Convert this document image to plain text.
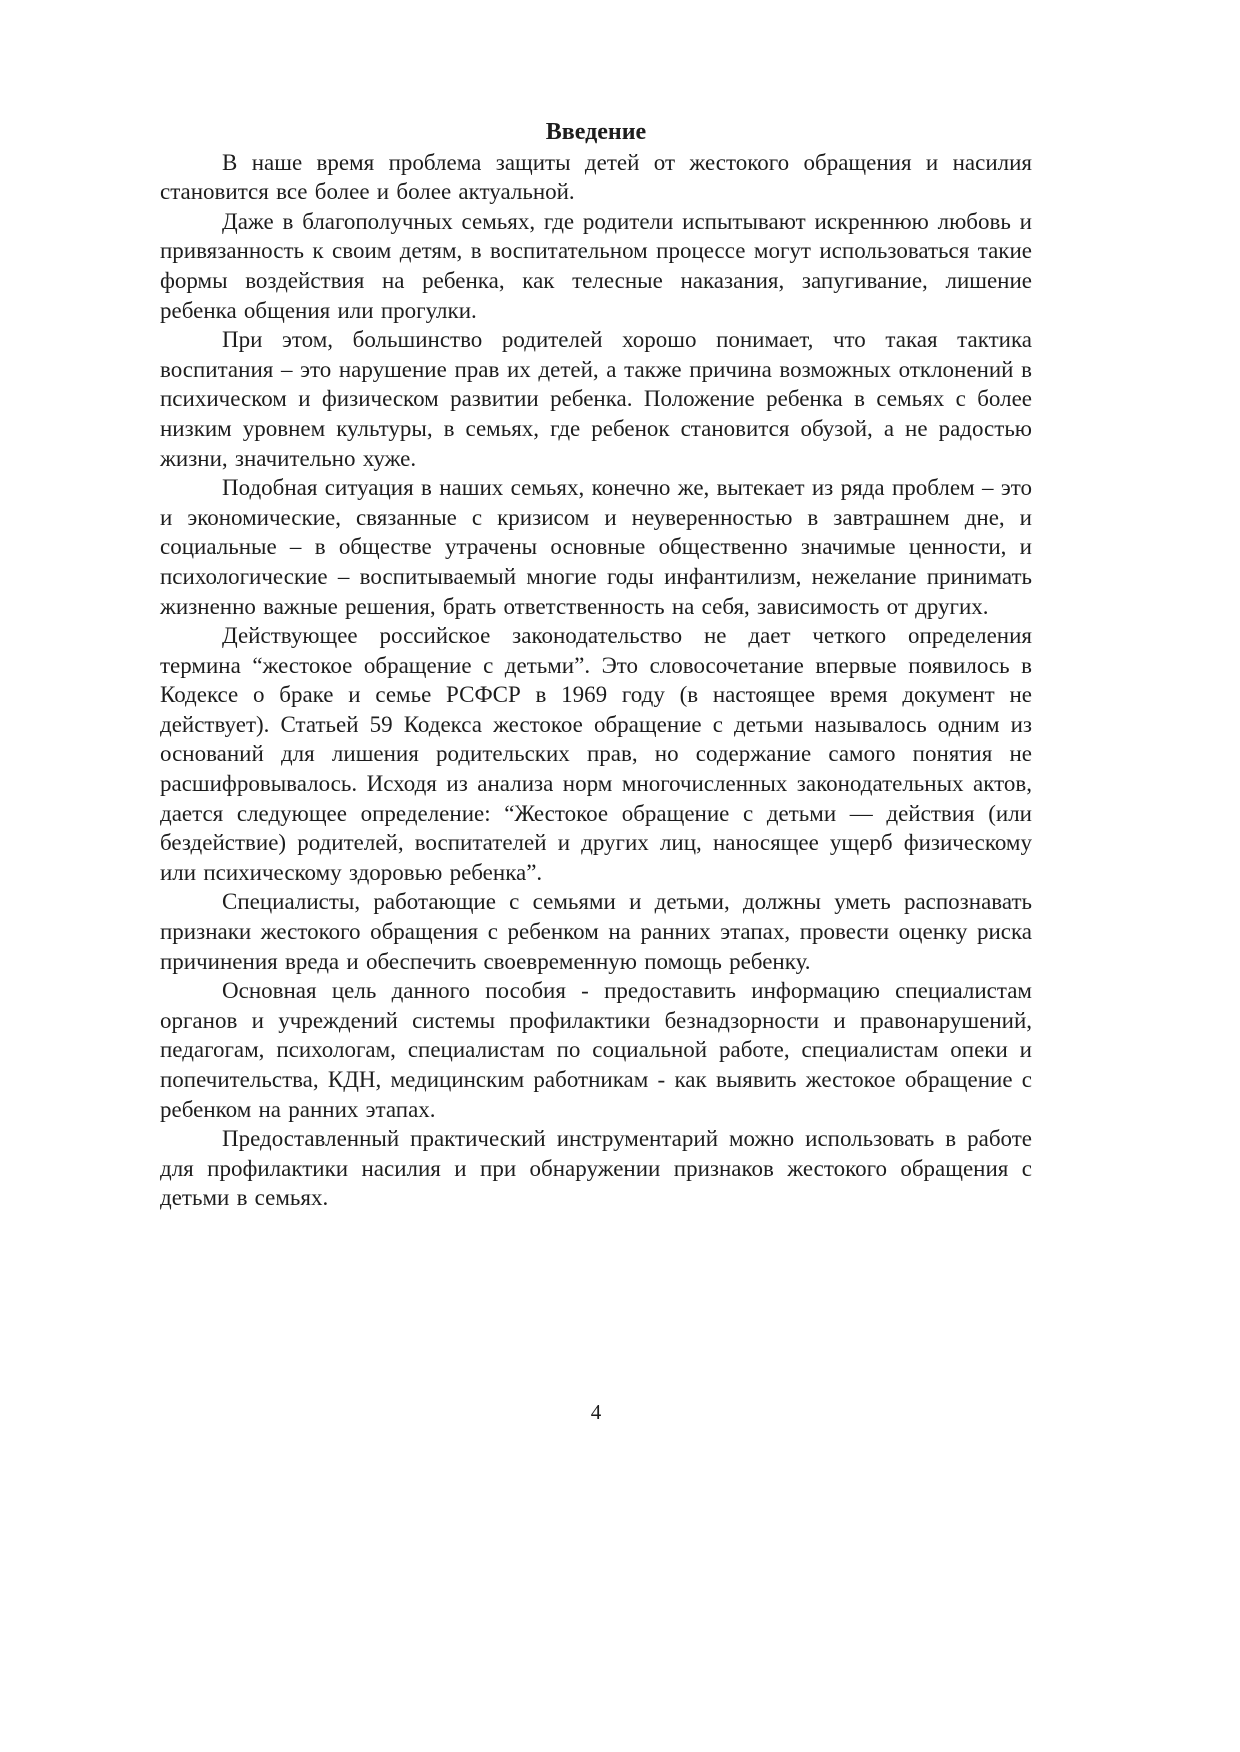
Введение

В наше время проблема защиты детей от жестокого обращения и насилия становится все более и более актуальной.

Даже в благополучных семьях, где родители испытывают искреннюю любовь и привязанность к своим детям, в воспитательном процессе могут использоваться такие формы воздействия на ребенка, как телесные наказания, запугивание, лишение ребенка общения или прогулки.

При этом, большинство родителей хорошо понимает, что такая тактика воспитания – это нарушение прав их детей, а также причина возможных отклонений в психическом и физическом развитии ребенка. Положение ребенка в семьях с более низким уровнем культуры, в семьях, где ребенок становится обузой, а не радостью жизни, значительно хуже.

Подобная ситуация в наших семьях, конечно же, вытекает из ряда проблем – это и экономические, связанные с кризисом и неуверенностью в завтрашнем дне, и социальные – в обществе утрачены основные общественно значимые ценности, и психологические – воспитываемый многие годы инфантилизм, нежелание принимать жизненно важные решения, брать ответственность на себя, зависимость от других.

Действующее российское законодательство не дает четкого определения термина “жестокое обращение с детьми”. Это словосочетание впервые появилось в Кодексе о браке и семье РСФСР в 1969 году (в настоящее время документ не действует). Статьей 59 Кодекса жестокое обращение с детьми называлось одним из оснований для лишения родительских прав, но содержание самого понятия не расшифровывалось. Исходя из анализа норм многочисленных законодательных актов, дается следующее определение: “Жестокое обращение с детьми — действия (или бездействие) родителей, воспитателей и других лиц, наносящее ущерб физическому или психическому здоровью ребенка”.

Специалисты, работающие с семьями и детьми, должны уметь распознавать признаки жестокого обращения с ребенком на ранних этапах, провести оценку риска причинения вреда и обеспечить своевременную помощь ребенку.

Основная цель данного пособия - предоставить информацию специалистам органов и учреждений системы профилактики безнадзорности и правонарушений, педагогам, психологам, специалистам по социальной работе, специалистам опеки и попечительства, КДН, медицинским работникам - как выявить жестокое обращение с ребенком на ранних этапах.

Предоставленный практический инструментарий можно использовать в работе для профилактики насилия и при обнаружении признаков жестокого обращения с детьми в семьях.

4
